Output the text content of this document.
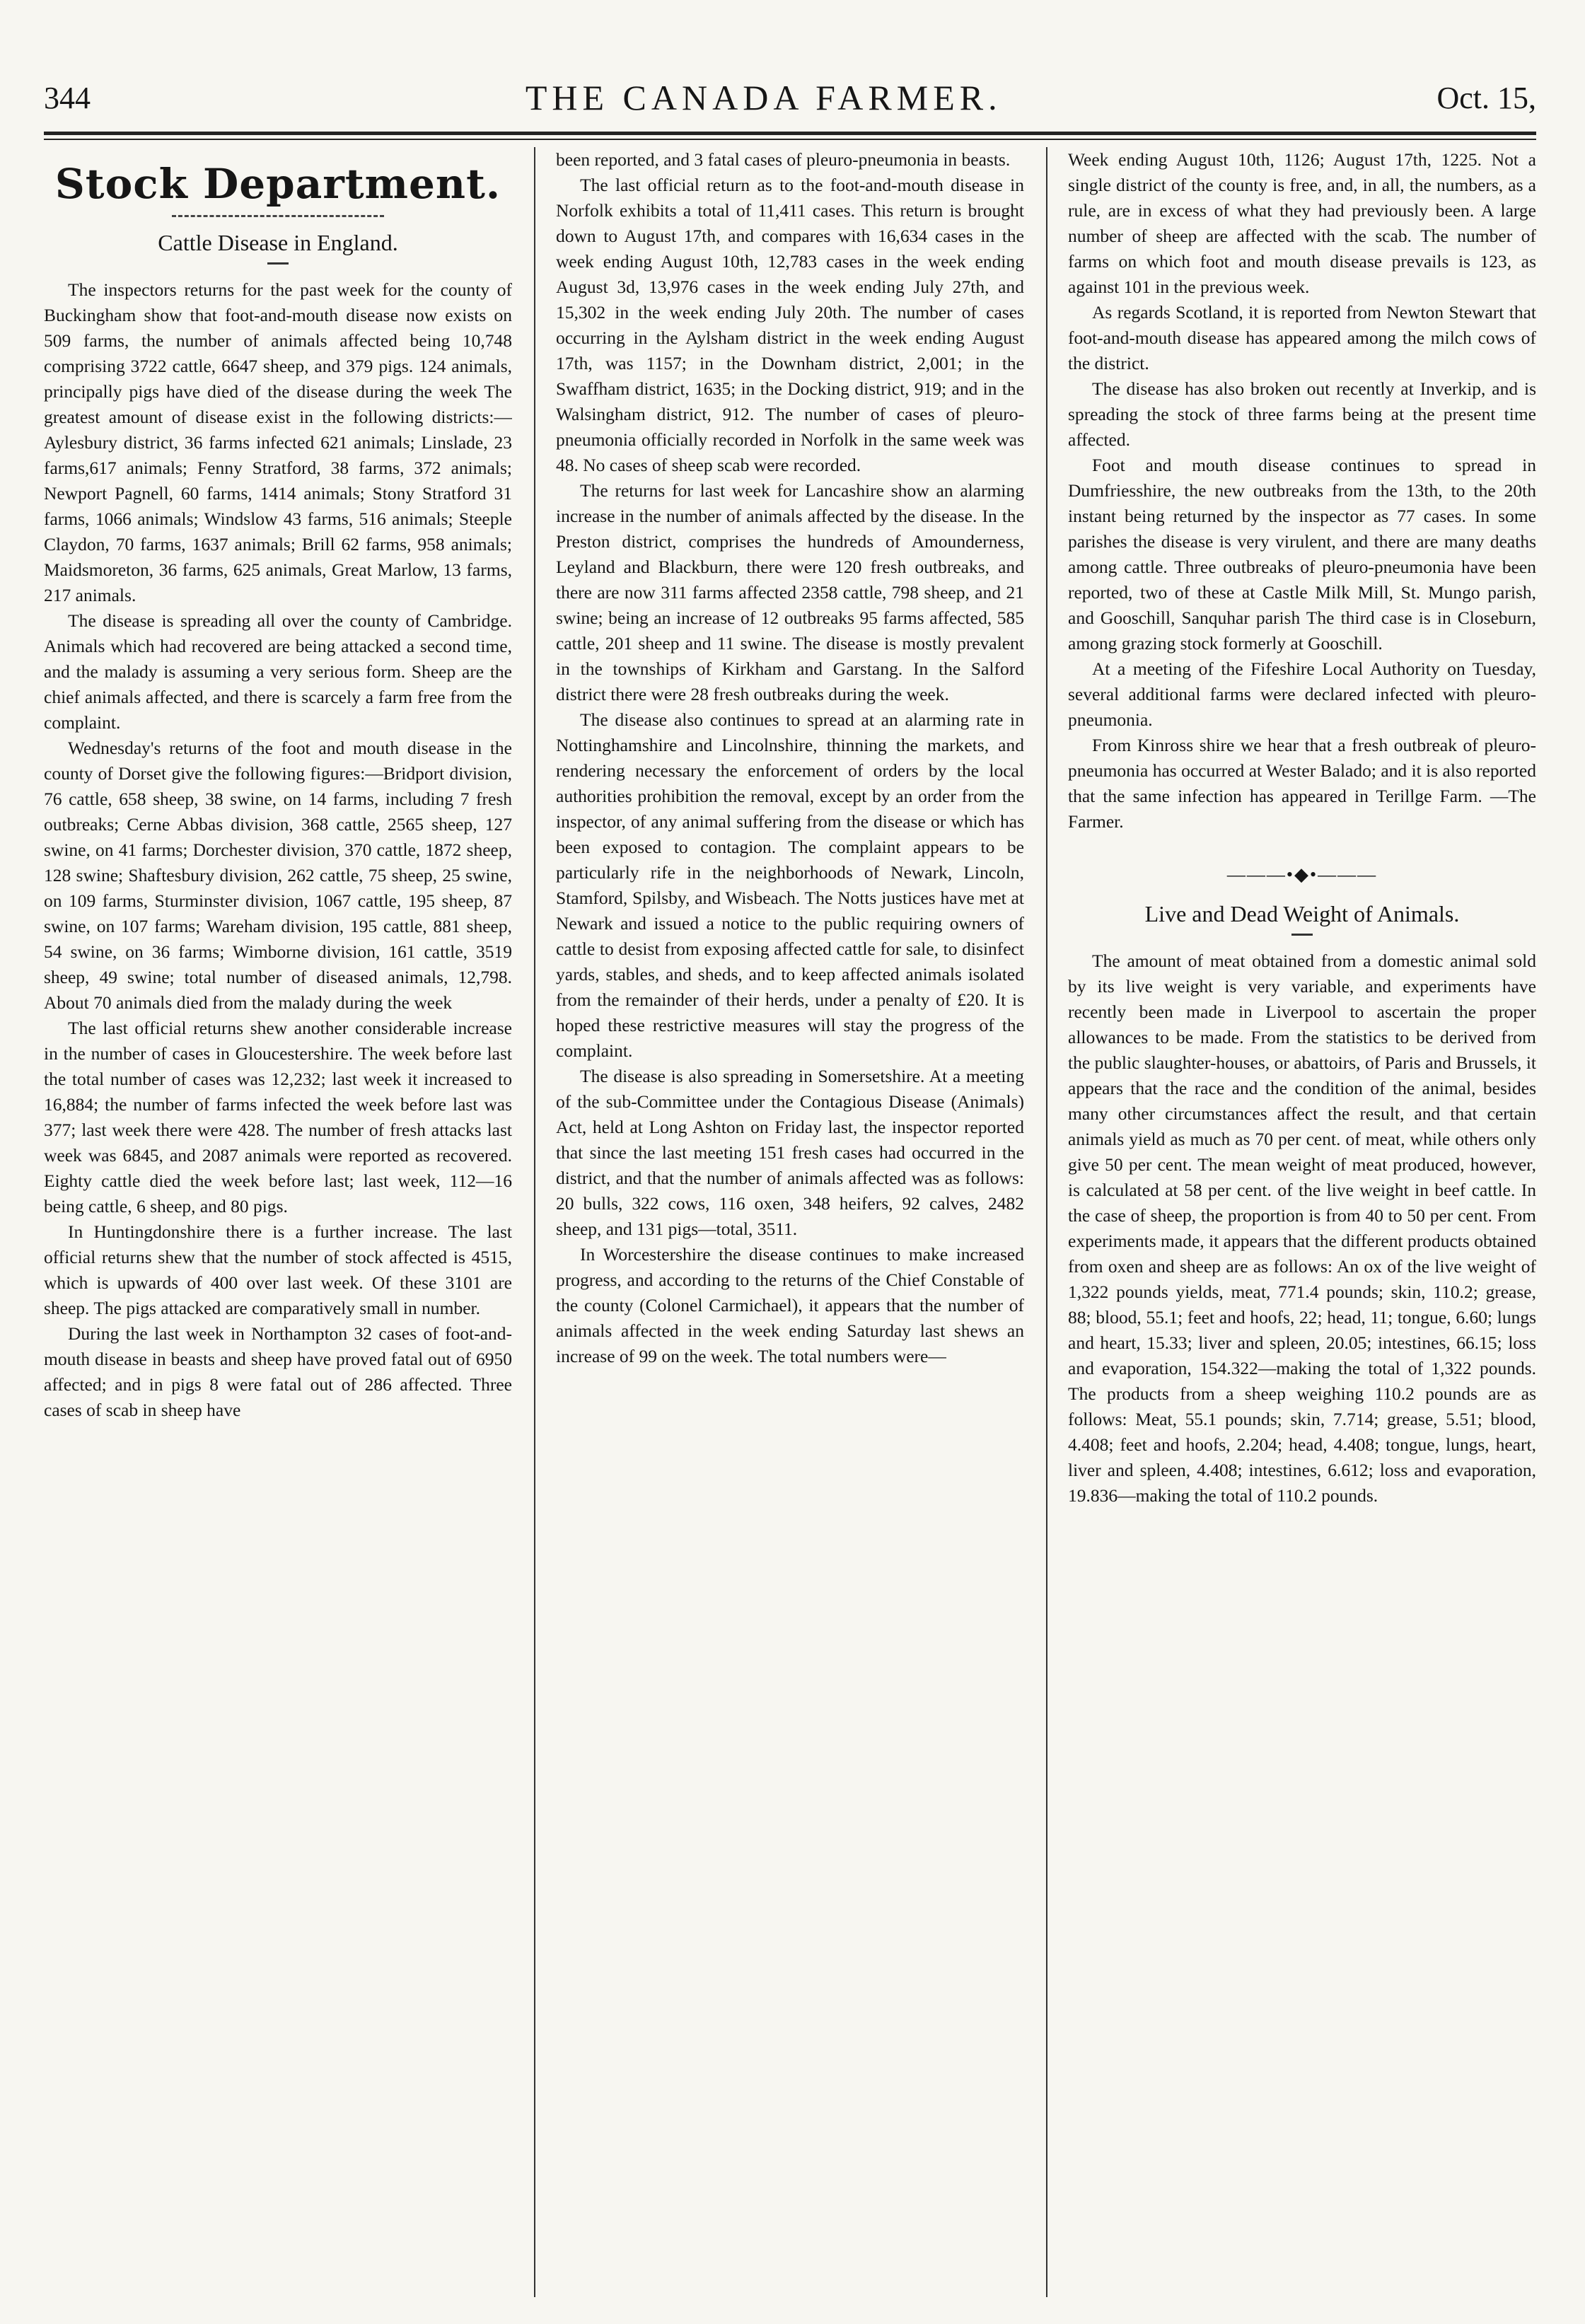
344	THE CANADA FARMER.	Oct. 15,
Stock Department.
Cattle Disease in England.

The inspectors returns for the past week for the county of Buckingham show that foot-and-mouth disease now exists on 509 farms, the number of animals affected being 10,748 comprising 3722 cattle, 6647 sheep, and 379 pigs. 124 animals, principally pigs have died of the disease during the week The greatest amount of disease exist in the following districts:—Aylesbury district, 36 farms infected 621 animals; Linslade, 23 farms,617 animals; Fenny Stratford, 38 farms, 372 animals; Newport Pagnell, 60 farms, 1414 animals; Stony Stratford 31 farms, 1066 animals; Windslow 43 farms, 516 animals; Steeple Claydon, 70 farms, 1637 animals; Brill 62 farms, 958 animals; Maidsmoreton, 36 farms, 625 animals, Great Marlow, 13 farms, 217 animals.

The disease is spreading all over the county of Cambridge. Animals which had recovered are being attacked a second time, and the malady is assuming a very serious form. Sheep are the chief animals affected, and there is scarcely a farm free from the complaint.

Wednesday's returns of the foot and mouth disease in the county of Dorset give the following figures:—Bridport division, 76 cattle, 658 sheep, 38 swine, on 14 farms, including 7 fresh outbreaks; Cerne Abbas division, 368 cattle, 2565 sheep, 127 swine, on 41 farms; Dorchester division, 370 cattle, 1872 sheep, 128 swine; Shaftesbury division, 262 cattle, 75 sheep, 25 swine, on 109 farms, Sturminster division, 1067 cattle, 195 sheep, 87 swine, on 107 farms; Wareham division, 195 cattle, 881 sheep, 54 swine, on 36 farms; Wimborne division, 161 cattle, 3519 sheep, 49 swine; total number of diseased animals, 12,798. About 70 animals died from the malady during the week

The last official returns shew another considerable increase in the number of cases in Gloucestershire. The week before last the total number of cases was 12,232; last week it increased to 16,884; the number of farms infected the week before last was 377; last week there were 428. The number of fresh attacks last week was 6845, and 2087 animals were reported as recovered. Eighty cattle died the week before last; last week, 112—16 being cattle, 6 sheep, and 80 pigs.

In Huntingdonshire there is a further increase. The last official returns shew that the number of stock affected is 4515, which is upwards of 400 over last week. Of these 3101 are sheep. The pigs attacked are comparatively small in number.

During the last week in Northampton 32 cases of foot-and-mouth disease in beasts and sheep have proved fatal out of 6950 affected; and in pigs 8 were fatal out of 286 affected. Three cases of scab in sheep have

been reported, and 3 fatal cases of pleuro-pneumonia in beasts.

The last official return as to the foot-and-mouth disease in Norfolk exhibits a total of 11,411 cases. This return is brought down to August 17th, and compares with 16,634 cases in the week ending August 10th, 12,783 cases in the week ending August 3d, 13,976 cases in the week ending July 27th, and 15,302 in the week ending July 20th. The number of cases occurring in the Aylsham district in the week ending August 17th, was 1157; in the Downham district, 2,001; in the Swaffham district, 1635; in the Docking district, 919; and in the Walsingham district, 912. The number of cases of pleuro-pneumonia officially recorded in Norfolk in the same week was 48. No cases of sheep scab were recorded.

The returns for last week for Lancashire show an alarming increase in the number of animals affected by the disease. In the Preston district, comprises the hundreds of Amounderness, Leyland and Blackburn, there were 120 fresh outbreaks, and there are now 311 farms affected 2358 cattle, 798 sheep, and 21 swine; being an increase of 12 outbreaks 95 farms affected, 585 cattle, 201 sheep and 11 swine. The disease is mostly prevalent in the townships of Kirkham and Garstang. In the Salford district there were 28 fresh outbreaks during the week.

The disease also continues to spread at an alarming rate in Nottinghamshire and Lincolnshire, thinning the markets, and rendering necessary the enforcement of orders by the local authorities prohibition the removal, except by an order from the inspector, of any animal suffering from the disease or which has been exposed to contagion. The complaint appears to be particularly rife in the neighborhoods of Newark, Lincoln, Stamford, Spilsby, and Wisbeach. The Notts justices have met at Newark and issued a notice to the public requiring owners of cattle to desist from exposing affected cattle for sale, to disinfect yards, stables, and sheds, and to keep affected animals isolated from the remainder of their herds, under a penalty of £20. It is hoped these restrictive measures will stay the progress of the complaint.

The disease is also spreading in Somersetshire. At a meeting of the sub-Committee under the Contagious Disease (Animals) Act, held at Long Ashton on Friday last, the inspector reported that since the last meeting 151 fresh cases had occurred in the district, and that the number of animals affected was as follows: 20 bulls, 322 cows, 116 oxen, 348 heifers, 92 calves, 2482 sheep, and 131 pigs—total, 3511.

In Worcestershire the disease continues to make increased progress, and according to the returns of the Chief Constable of the county (Colonel Carmichael), it appears that the number of animals affected in the week ending Saturday last shews an increase of 99 on the week. The total numbers were—

Week ending August 10th, 1126; August 17th, 1225. Not a single district of the county is free, and, in all, the numbers, as a rule, are in excess of what they had previously been. A large number of sheep are affected with the scab. The number of farms on which foot and mouth disease prevails is 123, as against 101 in the previous week.

As regards Scotland, it is reported from Newton Stewart that foot-and-mouth disease has appeared among the milch cows of the district.

The disease has also broken out recently at Inverkip, and is spreading the stock of three farms being at the present time affected.

Foot and mouth disease continues to spread in Dumfriesshire, the new outbreaks from the 13th, to the 20th instant being returned by the inspector as 77 cases. In some parishes the disease is very virulent, and there are many deaths among cattle. Three outbreaks of pleuro-pneumonia have been reported, two of these at Castle Milk Mill, St. Mungo parish, and Gooschill, Sanquhar parish The third case is in Closeburn, among grazing stock formerly at Gooschill.

At a meeting of the Fifeshire Local Authority on Tuesday, several additional farms were declared infected with pleuro-pneumonia.

From Kinross shire we hear that a fresh outbreak of pleuro-pneumonia has occurred at Wester Balado; and it is also reported that the same infection has appeared in Terillge Farm. —The Farmer.

———•◆•———
Live and Dead Weight of Animals.

The amount of meat obtained from a domestic animal sold by its live weight is very variable, and experiments have recently been made in Liverpool to ascertain the proper allowances to be made. From the statistics to be derived from the public slaughter-houses, or abattoirs, of Paris and Brussels, it appears that the race and the condition of the animal, besides many other circumstances affect the result, and that certain animals yield as much as 70 per cent. of meat, while others only give 50 per cent. The mean weight of meat produced, however, is calculated at 58 per cent. of the live weight in beef cattle. In the case of sheep, the proportion is from 40 to 50 per cent. From experiments made, it appears that the different products obtained from oxen and sheep are as follows: An ox of the live weight of 1,322 pounds yields, meat, 771.4 pounds; skin, 110.2; grease, 88; blood, 55.1; feet and hoofs, 22; head, 11; tongue, 6.60; lungs and heart, 15.33; liver and spleen, 20.05; intestines, 66.15; loss and evaporation, 154.322—making the total of 1,322 pounds. The products from a sheep weighing 110.2 pounds are as follows: Meat, 55.1 pounds; skin, 7.714; grease, 5.51; blood, 4.408; feet and hoofs, 2.204; head, 4.408; tongue, lungs, heart, liver and spleen, 4.408; intestines, 6.612; loss and evaporation, 19.836—making the total of 110.2 pounds.
